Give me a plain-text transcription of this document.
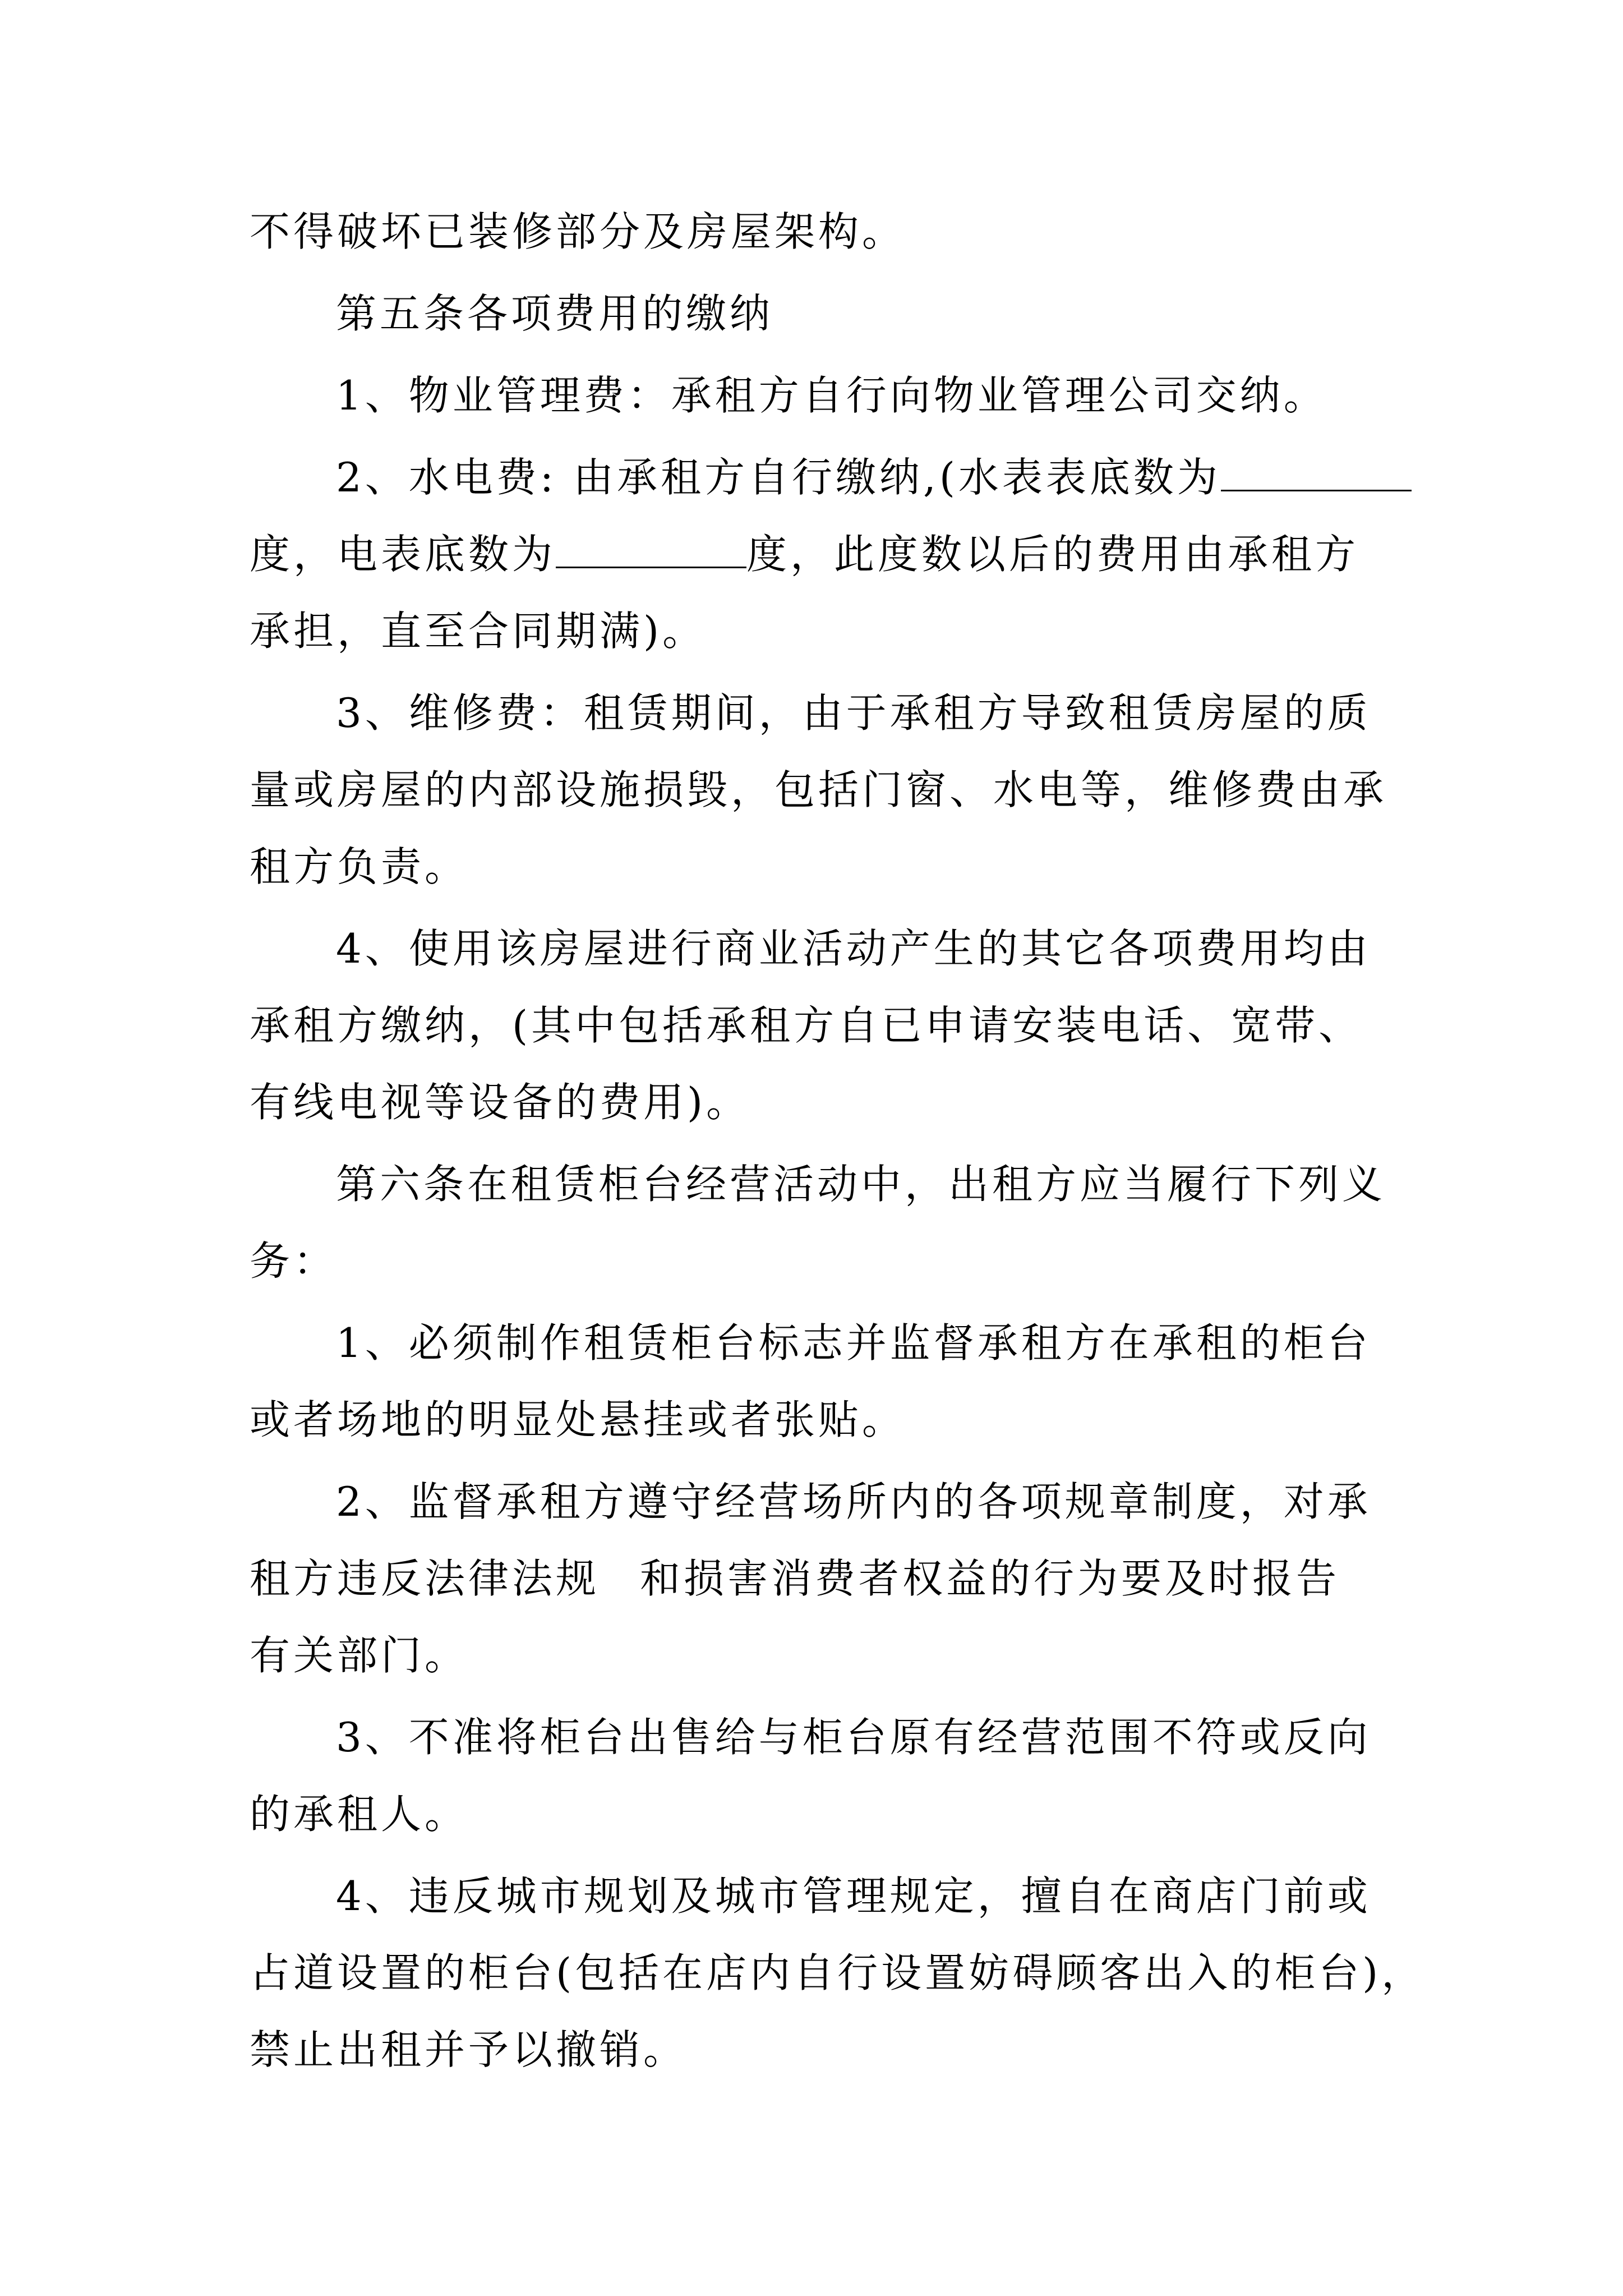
不得破坏已装修部分及房屋架构。

第五条各项费用的缴纳

1、物业管理费：承租方自行向物业管理公司交纳。

2、水电费: 由承租方自行缴纳,(水表表底数为
度，电表底数为	度，此度数以后的费用由承租方
承担，直至合同期满)。

3、维修费：租赁期间，由于承租方导致租赁房屋的质
量或房屋的内部设施损毁，包括门窗、水电等，维修费由承
租方负责。

4、使用该房屋进行商业活动产生的其它各项费用均由
承租方缴纳，(其中包括承租方自已申请安装电话、宽带、
有线电视等设备的费用)。

第六条在租赁柜台经营活动中，出租方应当履行下列义
务：

1、必须制作租赁柜台标志并监督承租方在承租的柜台
或者场地的明显处悬挂或者张贴。

2、监督承租方遵守经营场所内的各项规章制度，对承
租方违反法律法规 和损害消费者权益的行为要及时报告
有关部门。

3、不准将柜台出售给与柜台原有经营范围不符或反向
的承租人。

4、违反城市规划及城市管理规定，擅自在商店门前或
占道设置的柜台(包括在店内自行设置妨碍顾客出入的柜台)，
禁止出租并予以撤销。
